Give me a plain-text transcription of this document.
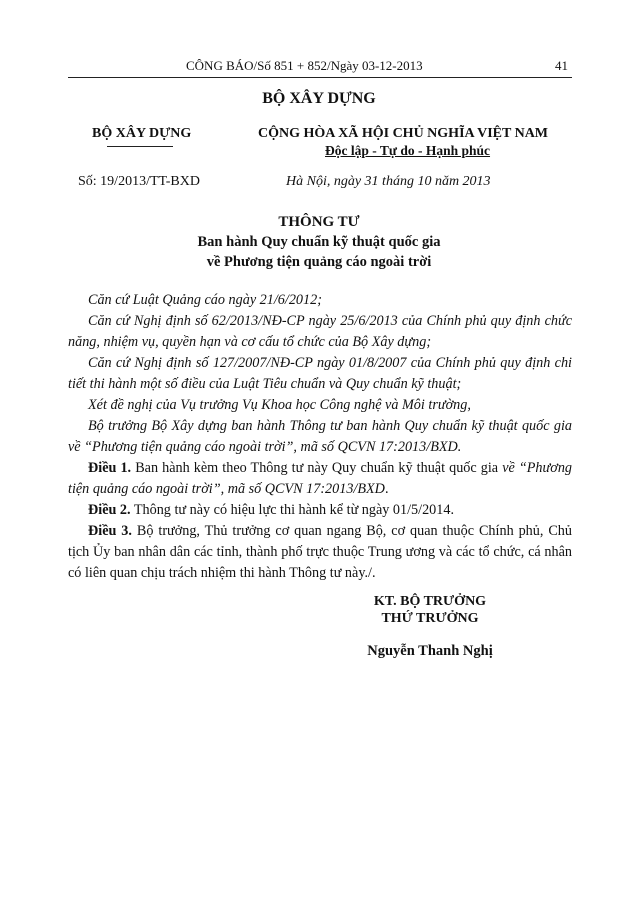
CÔNG BÁO/Số 851 + 852/Ngày 03-12-2013	41
BỘ XÂY DỰNG
BỘ XÂY DỰNG
Số: 19/2013/TT-BXD
CỘNG HÒA XÃ HỘI CHỦ NGHĨA VIỆT NAM
Độc lập - Tự do - Hạnh phúc
Hà Nội, ngày 31 tháng 10 năm 2013
THÔNG TƯ
Ban hành Quy chuẩn kỹ thuật quốc gia
về Phương tiện quảng cáo ngoài trời
Căn cứ Luật Quảng cáo ngày 21/6/2012;
Căn cứ Nghị định số 62/2013/NĐ-CP ngày 25/6/2013 của Chính phủ quy định chức năng, nhiệm vụ, quyền hạn và cơ cấu tổ chức của Bộ Xây dựng;
Căn cứ Nghị định số 127/2007/NĐ-CP ngày 01/8/2007 của Chính phủ quy định chi tiết thi hành một số điều của Luật Tiêu chuẩn và Quy chuẩn kỹ thuật;
Xét đề nghị của Vụ trưởng Vụ Khoa học Công nghệ và Môi trường,
Bộ trưởng Bộ Xây dựng ban hành Thông tư ban hành Quy chuẩn kỹ thuật quốc gia về “Phương tiện quảng cáo ngoài trời”, mã số QCVN 17:2013/BXD.
Điều 1. Ban hành kèm theo Thông tư này Quy chuẩn kỹ thuật quốc gia về “Phương tiện quảng cáo ngoài trời”, mã số QCVN 17:2013/BXD.
Điều 2. Thông tư này có hiệu lực thi hành kể từ ngày 01/5/2014.
Điều 3. Bộ trưởng, Thủ trưởng cơ quan ngang Bộ, cơ quan thuộc Chính phủ, Chủ tịch Ủy ban nhân dân các tỉnh, thành phố trực thuộc Trung ương và các tổ chức, cá nhân có liên quan chịu trách nhiệm thi hành Thông tư này./.
KT. BỘ TRƯỞNG
THỨ TRƯỞNG
Nguyễn Thanh Nghị
